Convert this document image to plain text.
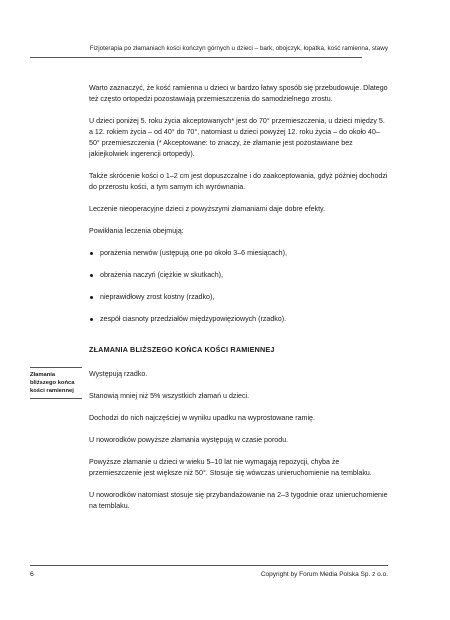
Fizjoterapia po złamaniach kości kończyn górnych u dzieci – bark, obojczyk, łopatka, kość ramienna, stawy

Warto zaznaczyć, że kość ramienna u dzieci w bardzo łatwy sposób się przebudowuje. Dlatego też często ortopedzi pozostawiają przemieszczenia do samodzielnego zrostu.

U dzieci poniżej 5. roku życia akceptowanych* jest do 70° przemieszczenia, u dzieci między 5. a 12. rokiem życia – od 40° do 70°, natomiast u dzieci powyżej 12. roku życia – do około 40–50° przemieszczenia (* Akceptowane: to znaczy, że złamanie jest pozostawiane bez jakiejkolwiek ingerencji ortopedy).

Także skrócenie kości o 1–2 cm jest dopuszczalne i do zaakceptowania, gdyż później dochodzi do przerostu kości, a tym samym ich wyrównania.

Leczenie nieoperacyjne dzieci z powyższymi złamaniami daje dobre efekty.

Powikłania leczenia obejmują:

porażenia nerwów (ustępują one po około 3–6 miesiącach),
obrażenia naczyń (ciężkie w skutkach),
nieprawidłowy zrost kostny (rzadko),
zespół ciasnoty przedziałów międzypowięziowych (rzadko).
ZŁAMANIA BLIŻSZEGO KOŃCA KOŚCI RAMIENNEJ
Złamania bliższego końca kości ramiennej

Występują rzadko.

Stanowią mniej niż 5% wszystkich złamań u dzieci.

Dochodzi do nich najczęściej w wyniku upadku na wyprostowane ramię.

U noworodków powyższe złamania występują w czasie porodu.

Powyższe złamanie u dzieci w wieku 5–10 lat nie wymagają repozycji, chyba że przemieszczenie jest większe niż 50°. Stosuje się wówczas unieruchomienie na temblaku.

U noworodków natomiast stosuje się przybandażowanie na 2–3 tygodnie oraz unieruchomienie na temblaku.

6	Copyright by Forum Media Polska Sp. z o.o.
